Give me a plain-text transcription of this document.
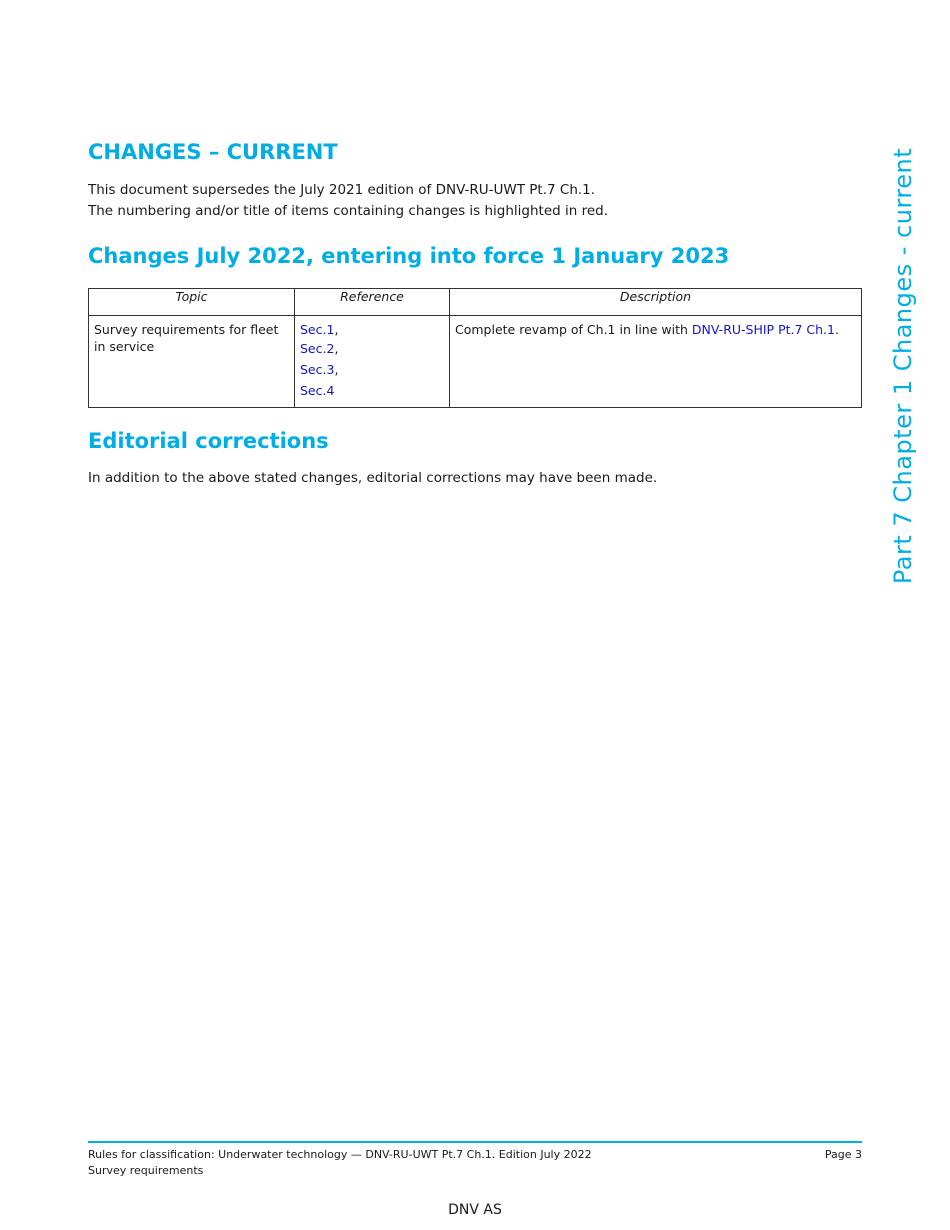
CHANGES – CURRENT
This document supersedes the July 2021 edition of DNV-RU-UWT Pt.7 Ch.1.
The numbering and/or title of items containing changes is highlighted in red.
Changes July 2022, entering into force 1 January 2023
Topic	Reference	Description
Survey requirements for fleet in service	Sec.1,
Sec.2,
Sec.3,
Sec.4	Complete revamp of Ch.1 in line with DNV-RU-SHIP Pt.7 Ch.1.
Editorial corrections
In addition to the above stated changes, editorial corrections may have been made.	Part 7 Chapter 1 Changes - current
Rules for classification: Underwater technology — DNV-RU-UWT Pt.7 Ch.1. Edition July 2022
Survey requirements
Page 3
DNV AS
